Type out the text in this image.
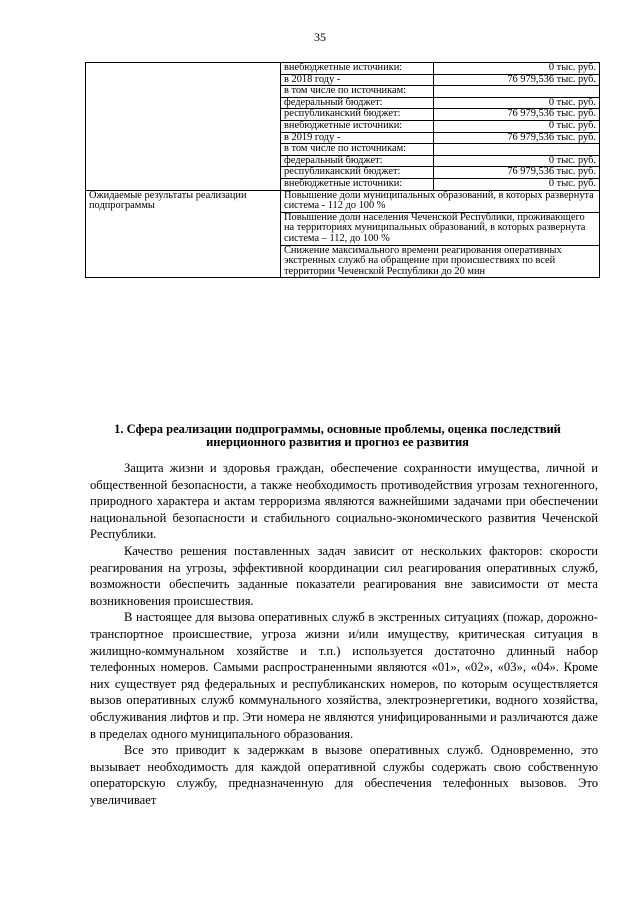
35
	внебюджетные источники:	0 тыс. руб.
	в 2018 году -	76 979,536 тыс. руб.
	в том числе по источникам:	
	федеральный бюджет:	0 тыс. руб.
	республиканский бюджет:	76 979,536 тыс. руб.
	внебюджетные источники:	0 тыс. руб.
	в 2019 году -	76 979,536 тыс. руб.
	в том числе по источникам:	
	федеральный бюджет:	0 тыс. руб.
	республиканский бюджет:	76 979,536 тыс. руб.
	внебюджетные источники:	0 тыс. руб.
Ожидаемые результаты реализации подпрограммы	Повышение доли муниципальных образований, в которых развернута система - 112 до 100 %	
	Повышение доли населения Чеченской Республики, проживающего на территориях муниципальных образований, в которых развернута система – 112, до 100 %	
	Снижение максимального времени реагирования оперативных экстренных служб на обращение при происшествиях по всей территории Чеченской Республики до 20 мин	
1. Сфера реализации подпрограммы, основные проблемы, оценка последствий инерционного развития и прогноз ее развития

Защита жизни и здоровья граждан, обеспечение сохранности имущества, личной и общественной безопасности, а также необходимость противодействия угрозам техногенного, природного характера и актам терроризма являются важнейшими задачами при обеспечении национальной безопасности и стабильного социально-экономического развития Чеченской Республики.

Качество решения поставленных задач зависит от нескольких факторов: скорости реагирования на угрозы, эффективной координации сил реагирования оперативных служб, возможности обеспечить заданные показатели реагирования вне зависимости от места возникновения происшествия.

В настоящее для вызова оперативных служб в экстренных ситуациях (пожар, дорожно-транспортное происшествие, угроза жизни и/или имуществу, критическая ситуация в жилищно-коммунальном хозяйстве и т.п.) используется достаточно длинный набор телефонных номеров. Самыми распространенными являются «01», «02», «03», «04». Кроме них существует ряд федеральных и республиканских номеров, по которым осуществляется вызов оперативных служб коммунального хозяйства, электроэнергетики, водного хозяйства, обслуживания лифтов и пр. Эти номера не являются унифицированными и различаются даже в пределах одного муниципального образования.

Все это приводит к задержкам в вызове оперативных служб. Одновременно, это вызывает необходимость для каждой оперативной службы содержать свою собственную операторскую службу, предназначенную для обеспечения телефонных вызовов. Это увеличивает
